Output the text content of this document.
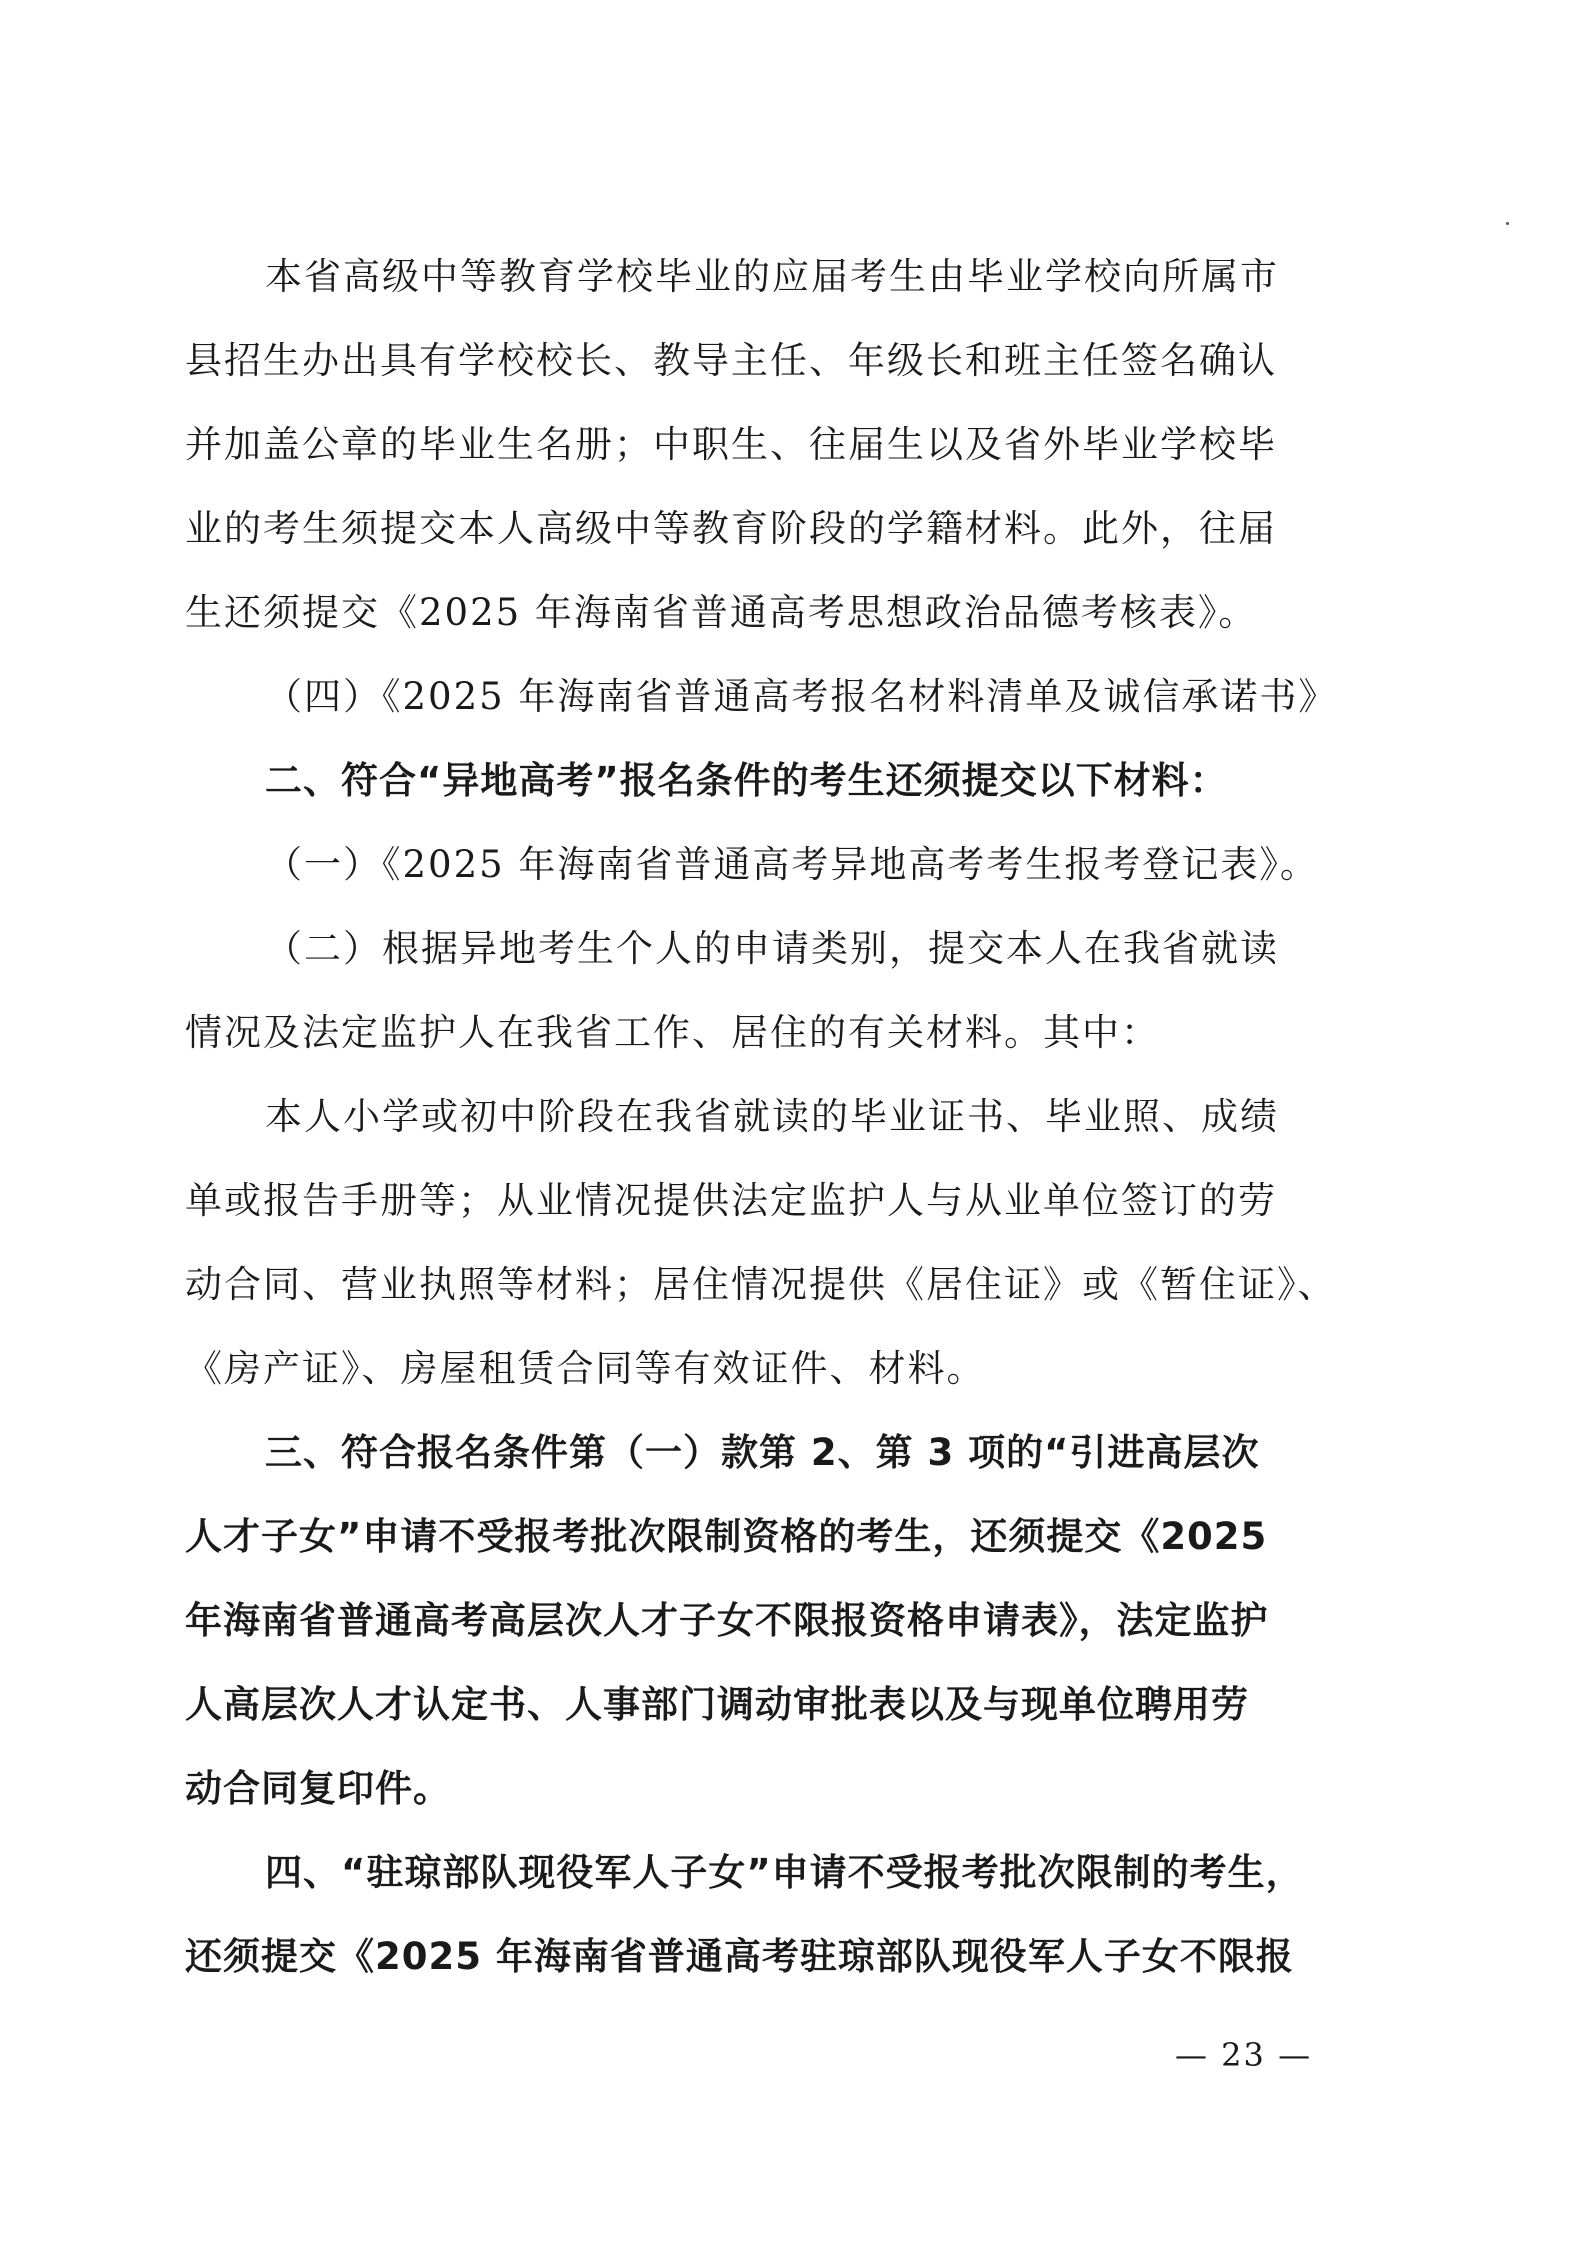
本省高级中等教育学校毕业的应届考生由毕业学校向所属市
县招生办出具有学校校长、教导主任、年级长和班主任签名确认
并加盖公章的毕业生名册；中职生、往届生以及省外毕业学校毕
业的考生须提交本人高级中等教育阶段的学籍材料。此外，往届
生还须提交《2025 年海南省普通高考思想政治品德考核表》。
（四）《2025 年海南省普通高考报名材料清单及诚信承诺书》
二、符合“异地高考”报名条件的考生还须提交以下材料：
（一）《2025 年海南省普通高考异地高考考生报考登记表》。
（二）根据异地考生个人的申请类别，提交本人在我省就读
情况及法定监护人在我省工作、居住的有关材料。其中：
本人小学或初中阶段在我省就读的毕业证书、毕业照、成绩
单或报告手册等；从业情况提供法定监护人与从业单位签订的劳
动合同、营业执照等材料；居住情况提供《居住证》或《暂住证》、
《房产证》、房屋租赁合同等有效证件、材料。
三、符合报名条件第（一）款第 2、第 3 项的“引进高层次
人才子女”申请不受报考批次限制资格的考生，还须提交《2025
年海南省普通高考高层次人才子女不限报资格申请表》，法定监护
人高层次人才认定书、人事部门调动审批表以及与现单位聘用劳
动合同复印件。
四、“驻琼部队现役军人子女”申请不受报考批次限制的考生，
还须提交《2025 年海南省普通高考驻琼部队现役军人子女不限报
— 23 —
